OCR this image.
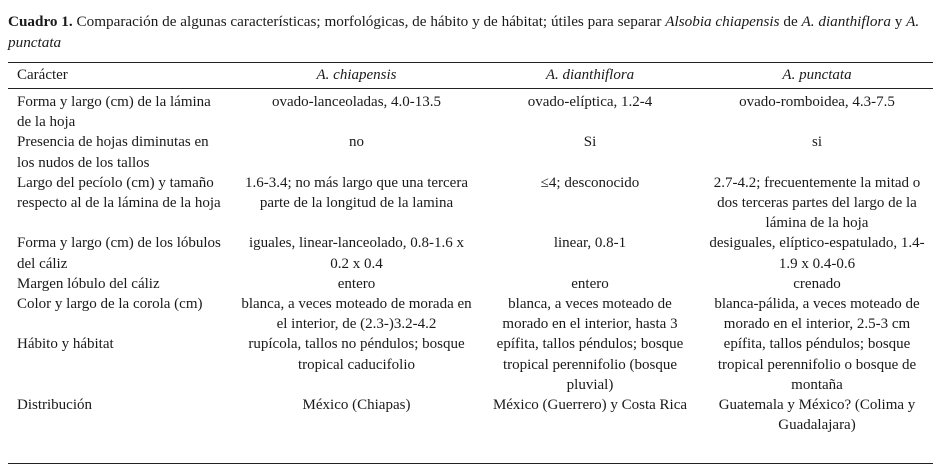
Cuadro 1. Comparación de algunas características; morfológicas, de hábito y de hábitat; útiles para separar Alsobia chiapensis de A. dianthiflora y A. punctata
Carácter	A. chiapensis	A. dianthiflora	A. punctata
Forma y largo (cm) de la lámina de la hoja	ovado-lanceoladas, 4.0-13.5	ovado-elíptica, 1.2-4	ovado-romboidea, 4.3-7.5
Presencia de hojas diminutas en los nudos de los tallos	no	Si	si
Largo del pecíolo (cm) y tamaño respecto al de la lámina de la hoja	1.6-3.4; no más largo que una tercera parte de la longitud de la lamina	≤4; desconocido	2.7-4.2; frecuentemente la mitad o dos terceras partes del largo de la lámina de la hoja
Forma y largo (cm) de los lóbulos del cáliz	iguales, linear-lanceolado, 0.8-1.6 x 0.2 x 0.4	linear, 0.8-1	desiguales, elíptico-espatulado, 1.4-1.9 x 0.4-0.6
Margen lóbulo del cáliz	entero	entero	crenado
Color y largo de la corola (cm)	blanca, a veces moteado de morada en el interior, de (2.3-)3.2-4.2	blanca, a veces moteado de morado en el interior, hasta 3	blanca-pálida, a veces moteado de morado en el interior, 2.5-3 cm
Hábito y hábitat	rupícola, tallos no péndulos; bosque tropical caducifolio	epífita, tallos péndulos; bosque tropical perennifolio (bosque pluvial)	epífita, tallos péndulos; bosque tropical perennifolio o bosque de montaña
Distribución	México (Chiapas)	México (Guerrero) y Costa Rica	Guatemala y México? (Colima y Guadalajara)
